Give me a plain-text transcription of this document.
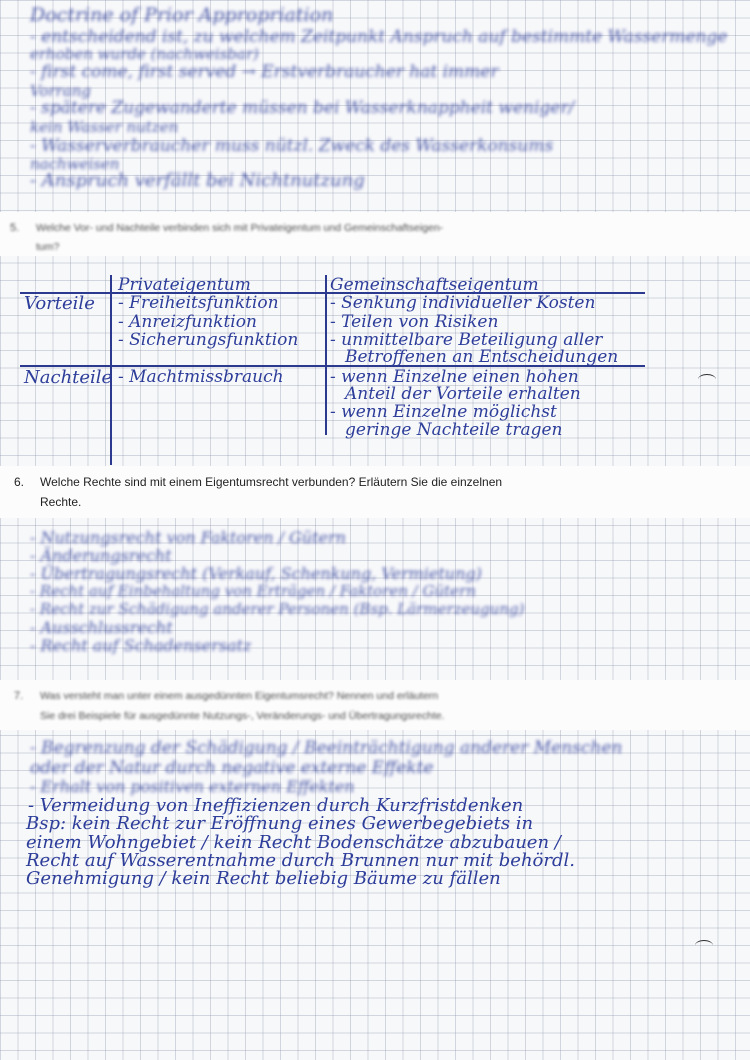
Doctrine of Prior Appropriation
- entscheidend ist, zu welchem Zeitpunkt Anspruch auf bestimmte Wassermenge
erhoben wurde (nachweisbar)
- first come, first served → Erstverbraucher hat immer
Vorrang
- spätere Zugewanderte müssen bei Wasserknappheit weniger/
kein Wasser nutzen
- Wasserverbraucher muss nützl. Zweck des Wasserkonsums
nachweisen
- Anspruch verfällt bei Nichtnutzung
5. Welche Vor- und Nachteile verbinden sich mit Privateigentum und Gemeinschaftseigen-
tum?
Privateigentum	Gemeinschaftseigentum
Vorteile
Nachteile
- Freiheitsfunktion
- Anreizfunktion
- Sicherungsfunktion
- Senkung individueller Kosten
- Teilen von Risiken
- unmittelbare Beteiligung aller
Betroffenen an Entscheidungen
- Machtmissbrauch	- wenn Einzelne einen hohen
Anteil der Vorteile erhalten
- wenn Einzelne möglichst
geringe Nachteile tragen
6. Welche Rechte sind mit einem Eigentumsrecht verbunden? Erläutern Sie die einzelnen
Rechte.
- Nutzungsrecht von Faktoren / Gütern
- Änderungsrecht
- Übertragungsrecht (Verkauf, Schenkung, Vermietung)
- Recht auf Einbehaltung von Erträgen / Faktoren / Gütern
- Recht zur Schädigung anderer Personen (Bsp. Lärmerzeugung)
- Ausschlussrecht
- Recht auf Schadensersatz
7. Was versteht man unter einem ausgedünnten Eigentumsrecht? Nennen und erläutern
Sie drei Beispiele für ausgedünnte Nutzungs-, Veränderungs- und Übertragungsrechte.
- Begrenzung der Schädigung / Beeinträchtigung anderer Menschen
oder der Natur durch negative externe Effekte
- Erhalt von positiven externen Effekten
- Vermeidung von Ineffizienzen durch Kurzfristdenken
Bsp: kein Recht zur Eröffnung eines Gewerbegebiets in
einem Wohngebiet / kein Recht Bodenschätze abzubauen /
Recht auf Wasserentnahme durch Brunnen nur mit behördl.
Genehmigung / kein Recht beliebig Bäume zu fällen
